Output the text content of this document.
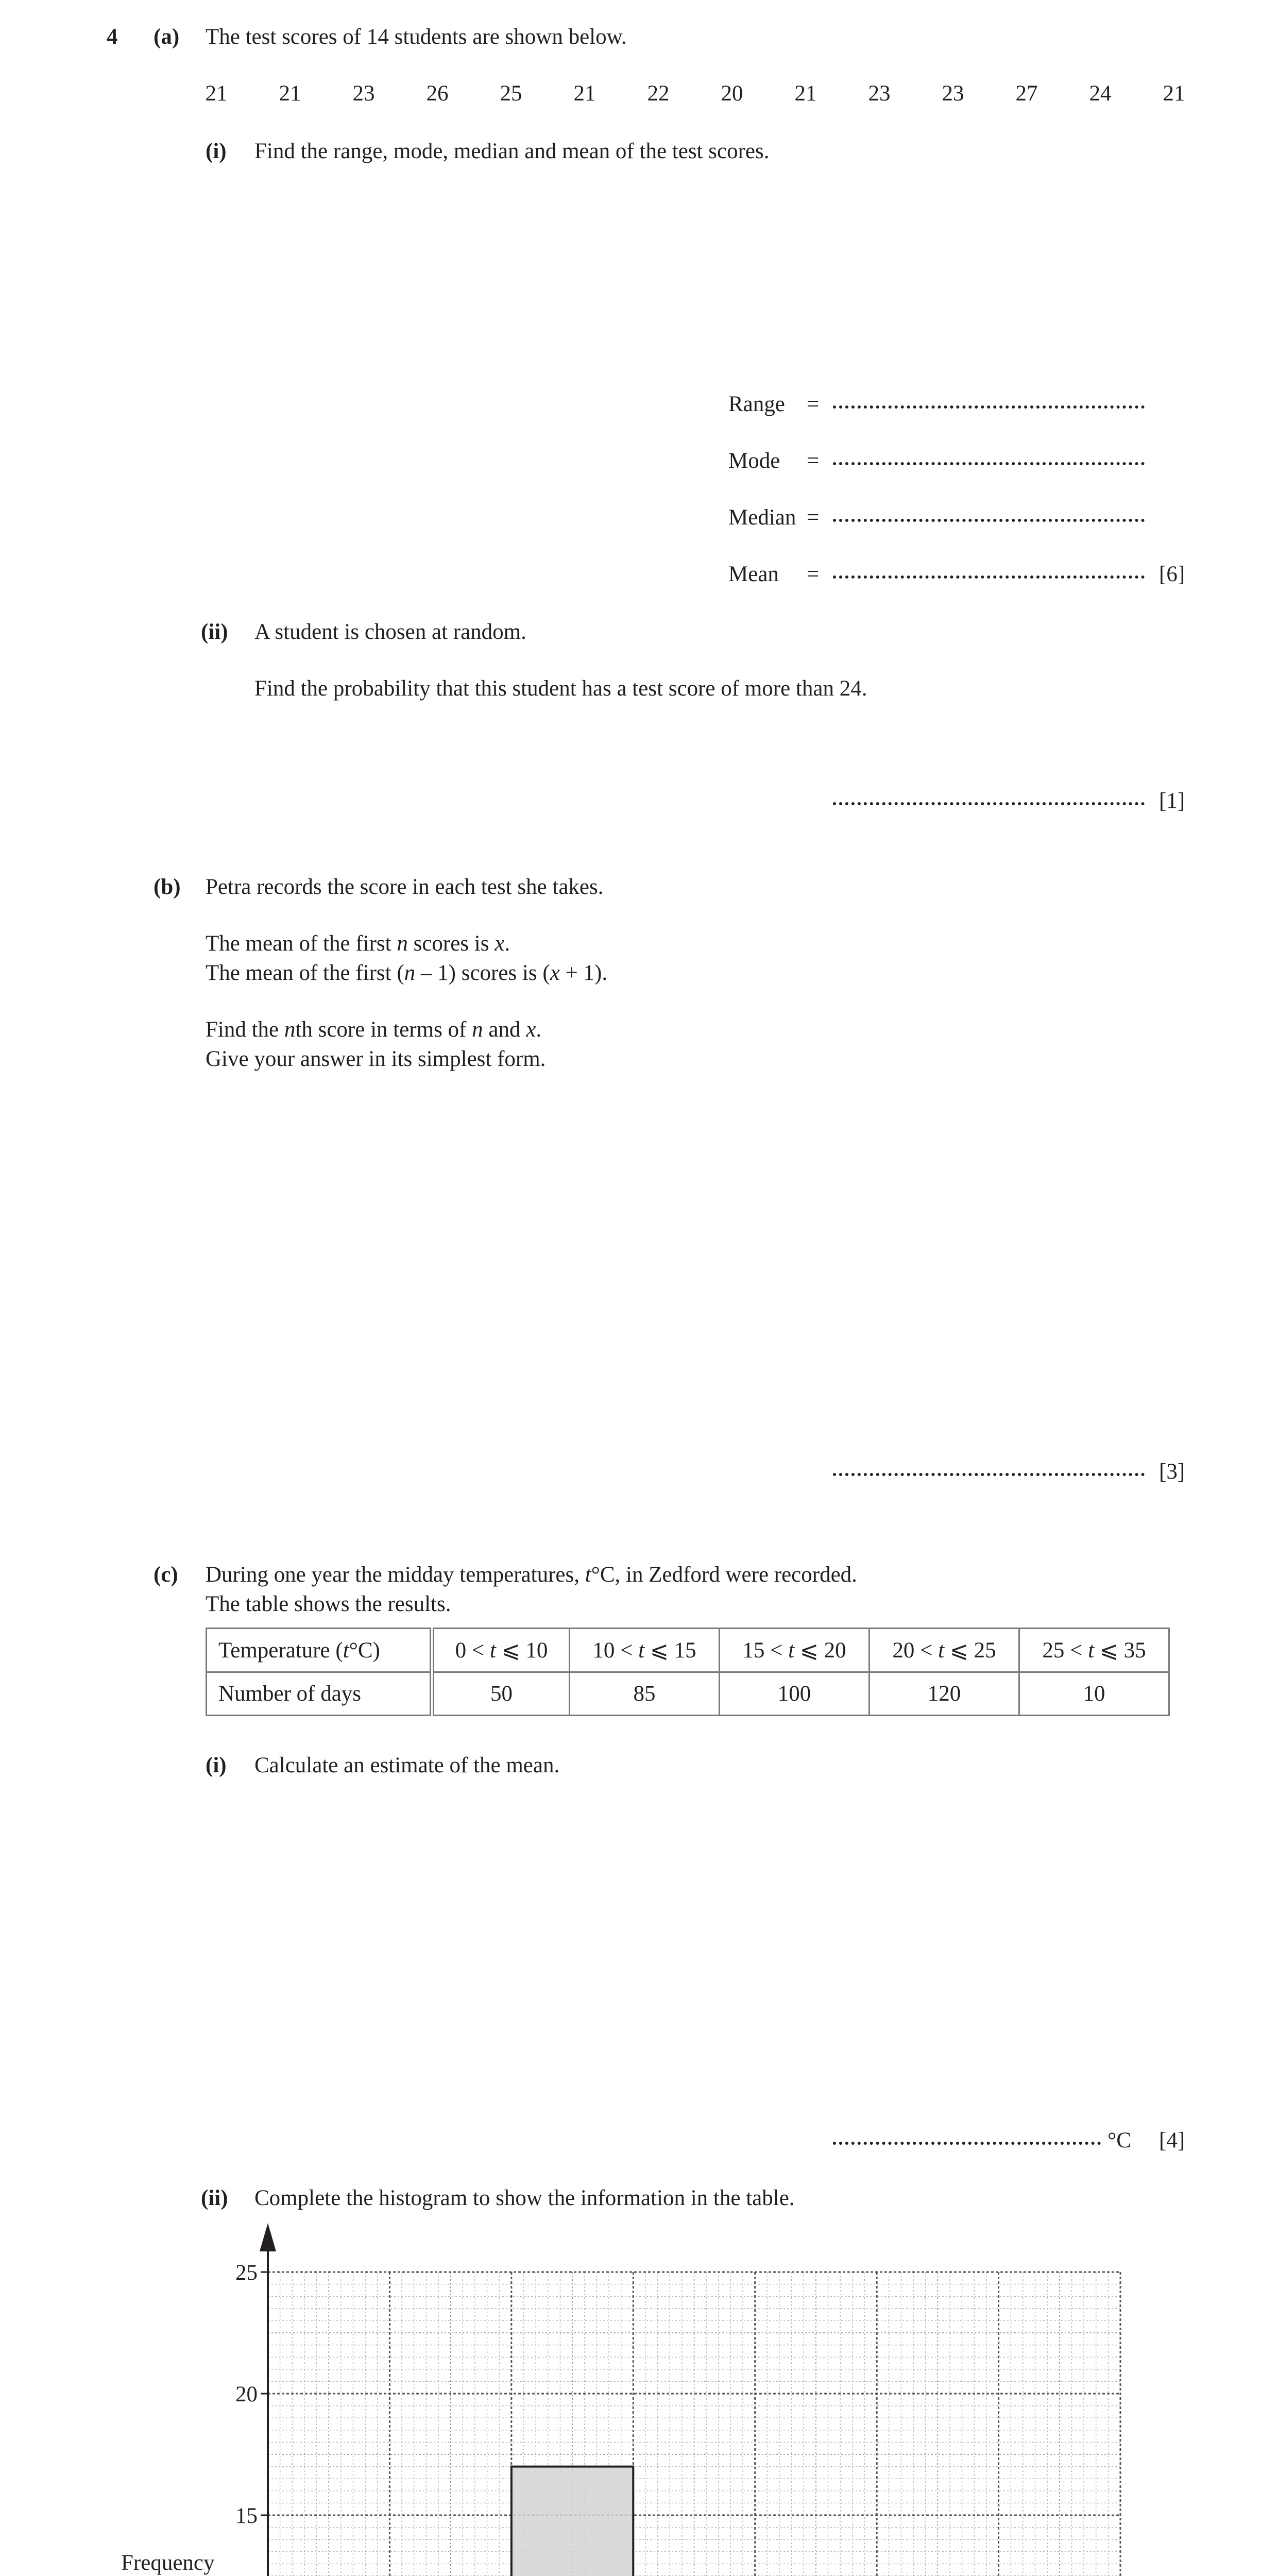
4 (a) The test scores of 14 students are shown below.
21	21	23	26	25	21	22	20	21	23	23	27	24	21
(i) Find the range, mode, median and mean of the test scores.
Range =
Mode =
Median =
Mean =	[6]
(ii) A student is chosen at random.
Find the probability that this student has a test score of more than 24.
[1]
(b) Petra records the score in each test she takes.
The mean of the first n scores is x.
The mean of the first (n – 1) scores is (x + 1).
Find the nth score in terms of n and x.
Give your answer in its simplest form.
[3]
(c) During one year the midday temperatures, t°C, in Zedford were recorded.
The table shows the results.
Temperature (t°C)	0 < t ⩽ 10	10 < t ⩽ 15	15 < t ⩽ 20	20 < t ⩽ 25	25 < t ⩽ 35
Number of days	50	85	100	120	10
(i) Calculate an estimate of the mean.
°C [4]
(ii) Complete the histogram to show the information in the table.
15
20
25
Frequency
